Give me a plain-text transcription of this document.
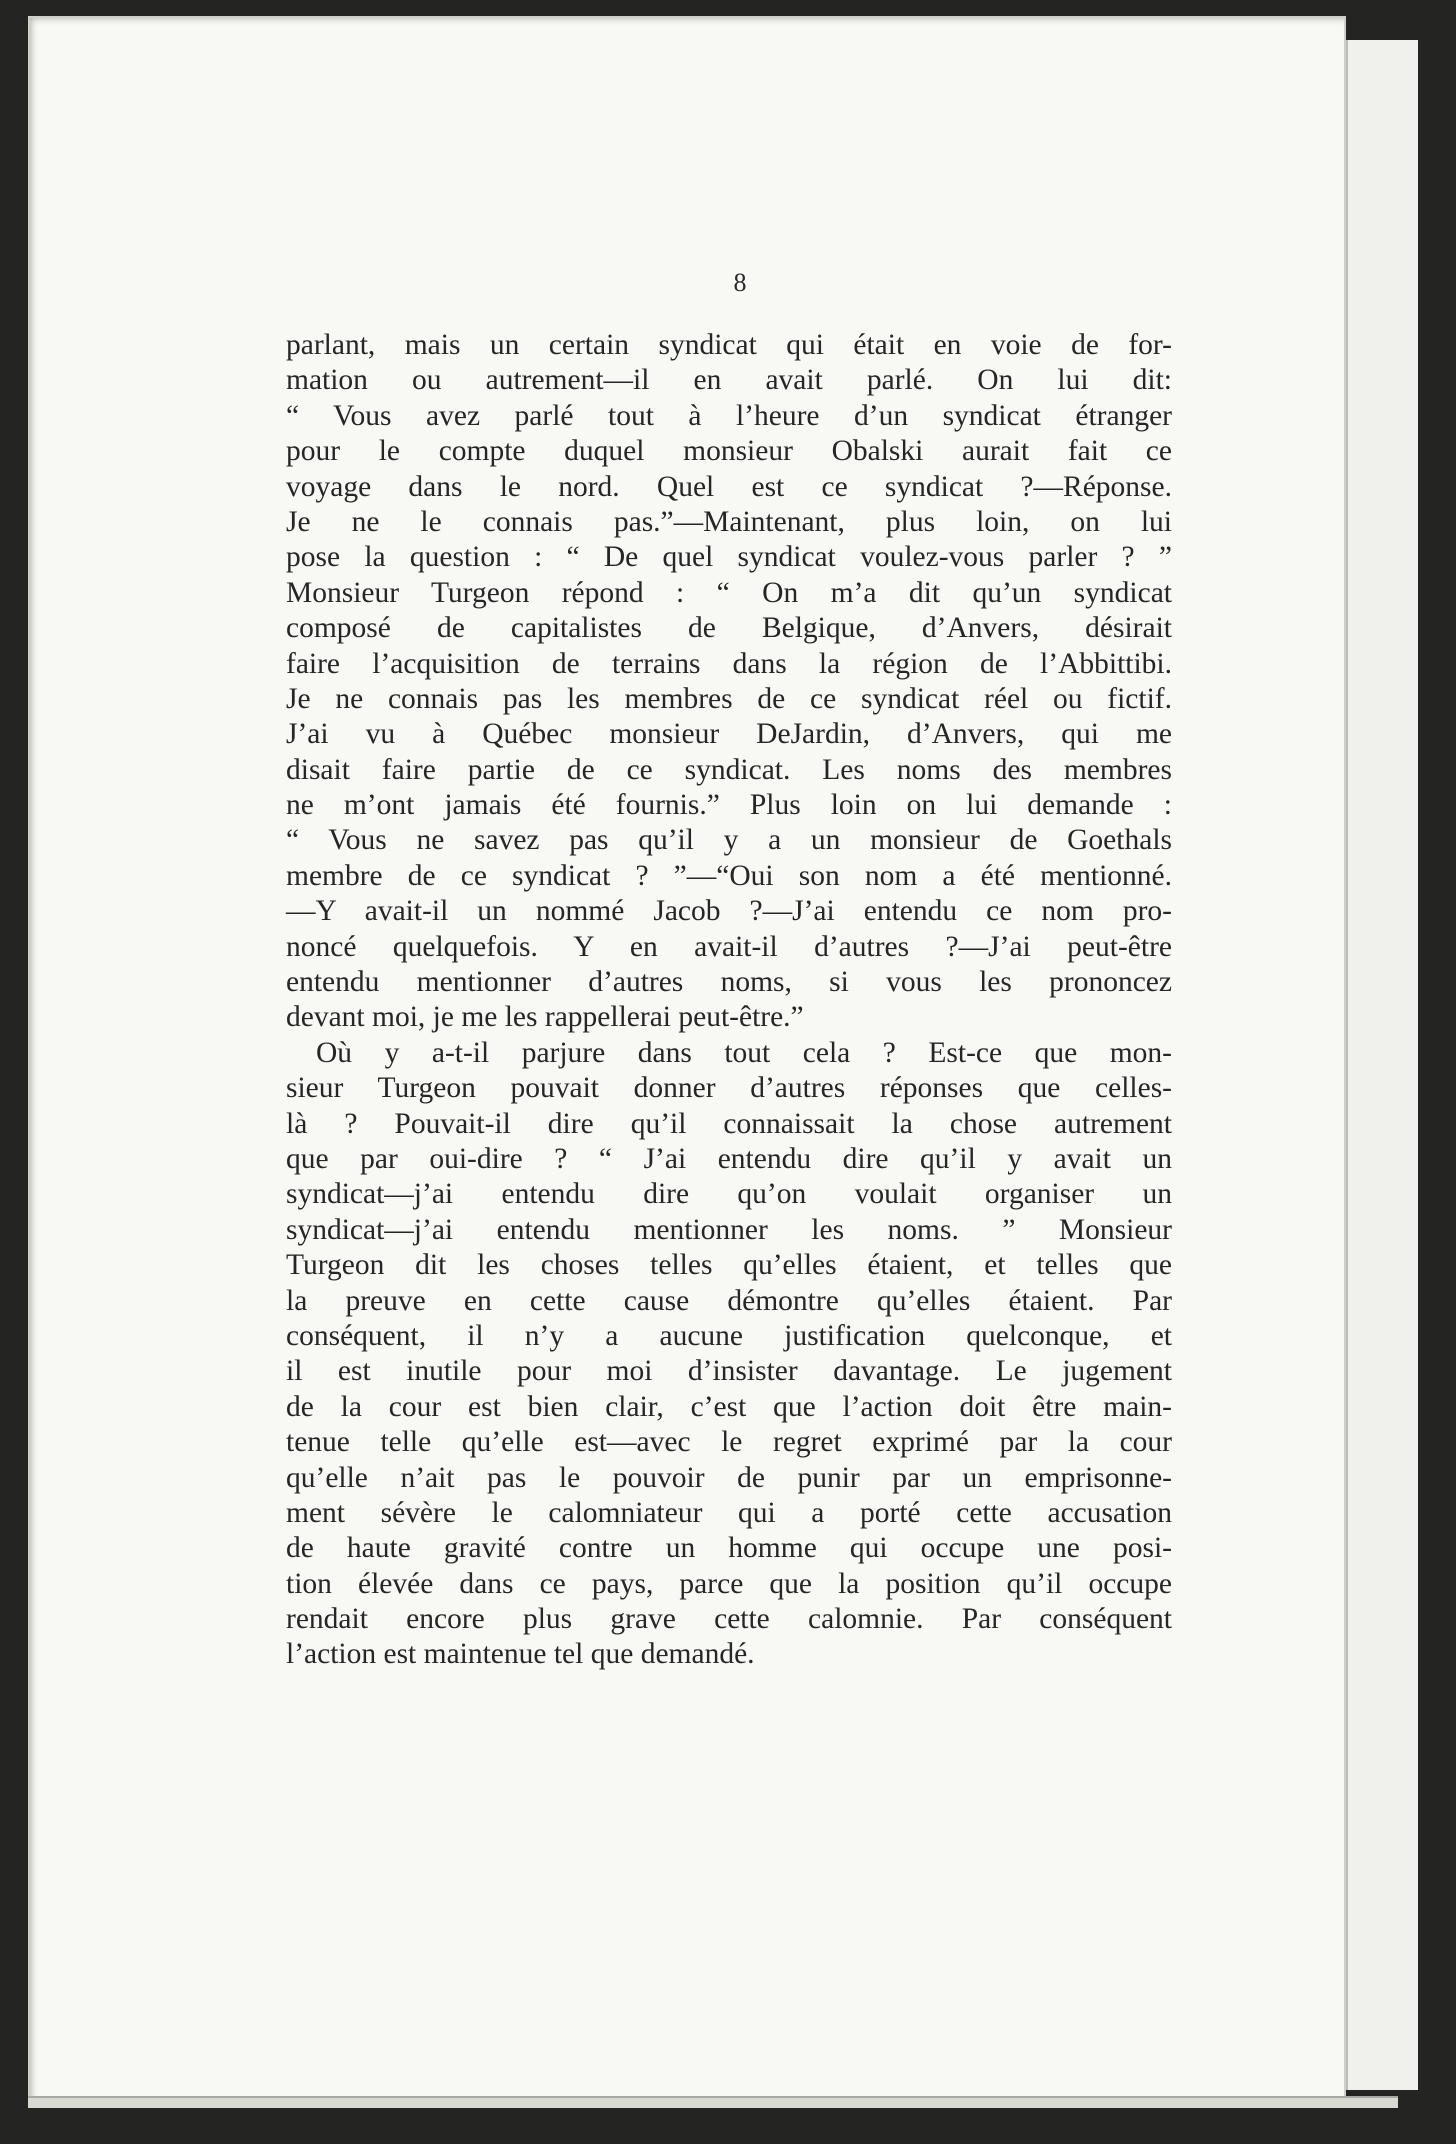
8
parlant, mais un certain syndicat qui était en voie de for-
mation ou autrement—il en avait parlé. On lui dit:
“ Vous avez parlé tout à l’heure d’un syndicat étranger
pour le compte duquel monsieur Obalski aurait fait ce
voyage dans le nord. Quel est ce syndicat ?—Réponse.
Je ne le connais pas.”—Maintenant, plus loin, on lui
pose la question : “ De quel syndicat voulez-vous parler ? ”
Monsieur Turgeon répond : “ On m’a dit qu’un syndicat
composé de capitalistes de Belgique, d’Anvers, désirait
faire l’acquisition de terrains dans la région de l’Abbittibi.
Je ne connais pas les membres de ce syndicat réel ou fictif.
J’ai vu à Québec monsieur DeJardin, d’Anvers, qui me
disait faire partie de ce syndicat. Les noms des membres
ne m’ont jamais été fournis.” Plus loin on lui demande :
“ Vous ne savez pas qu’il y a un monsieur de Goethals
membre de ce syndicat ? ”—“Oui son nom a été mentionné.
—Y avait-il un nommé Jacob ?—J’ai entendu ce nom pro-
noncé quelquefois. Y en avait-il d’autres ?—J’ai peut-être
entendu mentionner d’autres noms, si vous les prononcez
devant moi, je me les rappellerai peut-être.”
Où y a-t-il parjure dans tout cela ? Est-ce que mon-
sieur Turgeon pouvait donner d’autres réponses que celles-
là ? Pouvait-il dire qu’il connaissait la chose autrement
que par oui-dire ? “ J’ai entendu dire qu’il y avait un
syndicat—j’ai entendu dire qu’on voulait organiser un
syndicat—j’ai entendu mentionner les noms. ” Monsieur
Turgeon dit les choses telles qu’elles étaient, et telles que
la preuve en cette cause démontre qu’elles étaient. Par
conséquent, il n’y a aucune justification quelconque, et
il est inutile pour moi d’insister davantage. Le jugement
de la cour est bien clair, c’est que l’action doit être main-
tenue telle qu’elle est—avec le regret exprimé par la cour
qu’elle n’ait pas le pouvoir de punir par un emprisonne-
ment sévère le calomniateur qui a porté cette accusation
de haute gravité contre un homme qui occupe une posi-
tion élevée dans ce pays, parce que la position qu’il occupe
rendait encore plus grave cette calomnie. Par conséquent
l’action est maintenue tel que demandé.
